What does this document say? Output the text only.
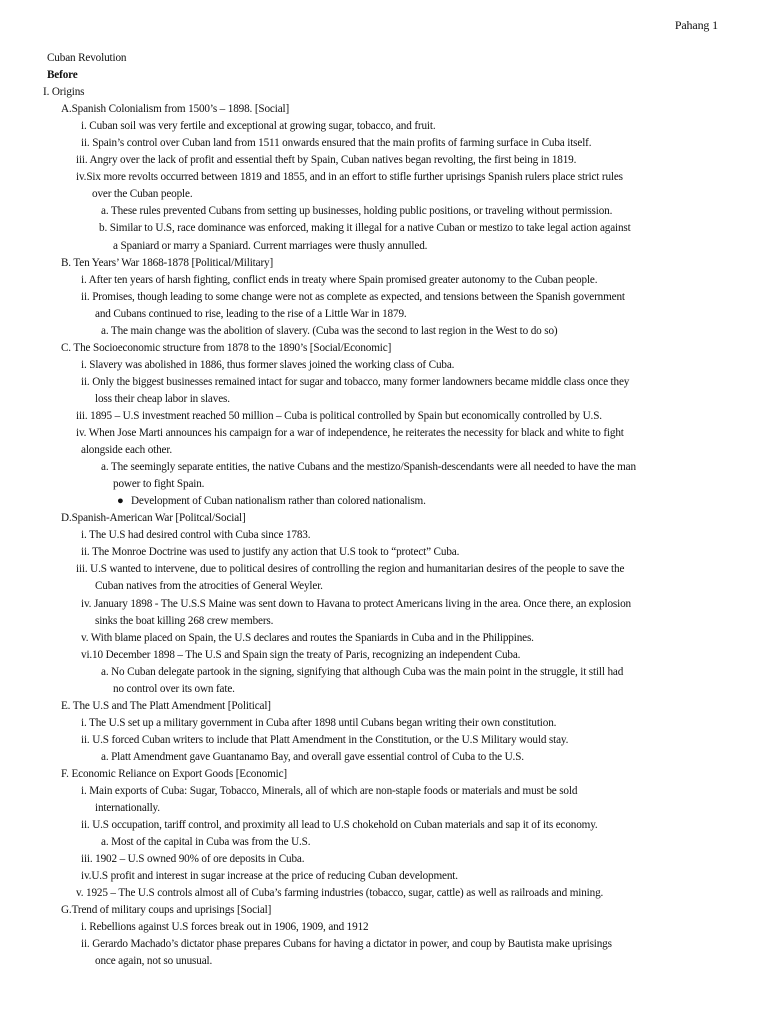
Pahang 1
Cuban Revolution
Before
I. Origins
A.Spanish Colonialism from 1500’s – 1898. [Social]
i. Cuban soil was very fertile and exceptional at growing sugar, tobacco, and fruit.
ii. Spain’s control over Cuban land from 1511 onwards ensured that the main profits of farming surface in Cuba itself.
iii. Angry over the lack of profit and essential theft by Spain, Cuban natives began revolting, the first being in 1819.
iv.Six more revolts occurred between 1819 and 1855, and in an effort to stifle further uprisings Spanish rulers place strict rules
over the Cuban people.
a. These rules prevented Cubans from setting up businesses, holding public positions, or traveling without permission.
b. Similar to U.S, race dominance was enforced, making it illegal for a native Cuban or mestizo to take legal action against
a Spaniard or marry a Spaniard. Current marriages were thusly annulled.
B. Ten Years’ War 1868-1878 [Political/Military]
i. After ten years of harsh fighting, conflict ends in treaty where Spain promised greater autonomy to the Cuban people.
ii. Promises, though leading to some change were not as complete as expected, and tensions between the Spanish government
and Cubans continued to rise, leading to the rise of a Little War in 1879.
a. The main change was the abolition of slavery. (Cuba was the second to last region in the West to do so)
C. The Socioeconomic structure from 1878 to the 1890’s [Social/Economic]
i. Slavery was abolished in 1886, thus former slaves joined the working class of Cuba.
ii. Only the biggest businesses remained intact for sugar and tobacco, many former landowners became middle class once they
loss their cheap labor in slaves.
iii. 1895 – U.S investment reached 50 million – Cuba is political controlled by Spain but economically controlled by U.S.
iv. When Jose Marti announces his campaign for a war of independence, he reiterates the necessity for black and white to fight
alongside each other.
a. The seemingly separate entities, the native Cubans and the mestizo/Spanish-descendants were all needed to have the man
power to fight Spain.
● Development of Cuban nationalism rather than colored nationalism.
D.Spanish-American War [Politcal/Social]
i. The U.S had desired control with Cuba since 1783.
ii. The Monroe Doctrine was used to justify any action that U.S took to “protect” Cuba.
iii. U.S wanted to intervene, due to political desires of controlling the region and humanitarian desires of the people to save the
Cuban natives from the atrocities of General Weyler.
iv. January 1898 - The U.S.S Maine was sent down to Havana to protect Americans living in the area. Once there, an explosion
sinks the boat killing 268 crew members.
v. With blame placed on Spain, the U.S declares and routes the Spaniards in Cuba and in the Philippines.
vi.10 December 1898 – The U.S and Spain sign the treaty of Paris, recognizing an independent Cuba.
a. No Cuban delegate partook in the signing, signifying that although Cuba was the main point in the struggle, it still had
no control over its own fate.
E. The U.S and The Platt Amendment [Political]
i. The U.S set up a military government in Cuba after 1898 until Cubans began writing their own constitution.
ii. U.S forced Cuban writers to include that Platt Amendment in the Constitution, or the U.S Military would stay.
a. Platt Amendment gave Guantanamo Bay, and overall gave essential control of Cuba to the U.S.
F. Economic Reliance on Export Goods [Economic]
i. Main exports of Cuba: Sugar, Tobacco, Minerals, all of which are non-staple foods or materials and must be sold
internationally.
ii. U.S occupation, tariff control, and proximity all lead to U.S chokehold on Cuban materials and sap it of its economy.
a. Most of the capital in Cuba was from the U.S.
iii. 1902 – U.S owned 90% of ore deposits in Cuba.
iv.U.S profit and interest in sugar increase at the price of reducing Cuban development.
v. 1925 – The U.S controls almost all of Cuba’s farming industries (tobacco, sugar, cattle) as well as railroads and mining.
G.Trend of military coups and uprisings [Social]
i. Rebellions against U.S forces break out in 1906, 1909, and 1912
ii. Gerardo Machado’s dictator phase prepares Cubans for having a dictator in power, and coup by Bautista make uprisings
once again, not so unusual.
